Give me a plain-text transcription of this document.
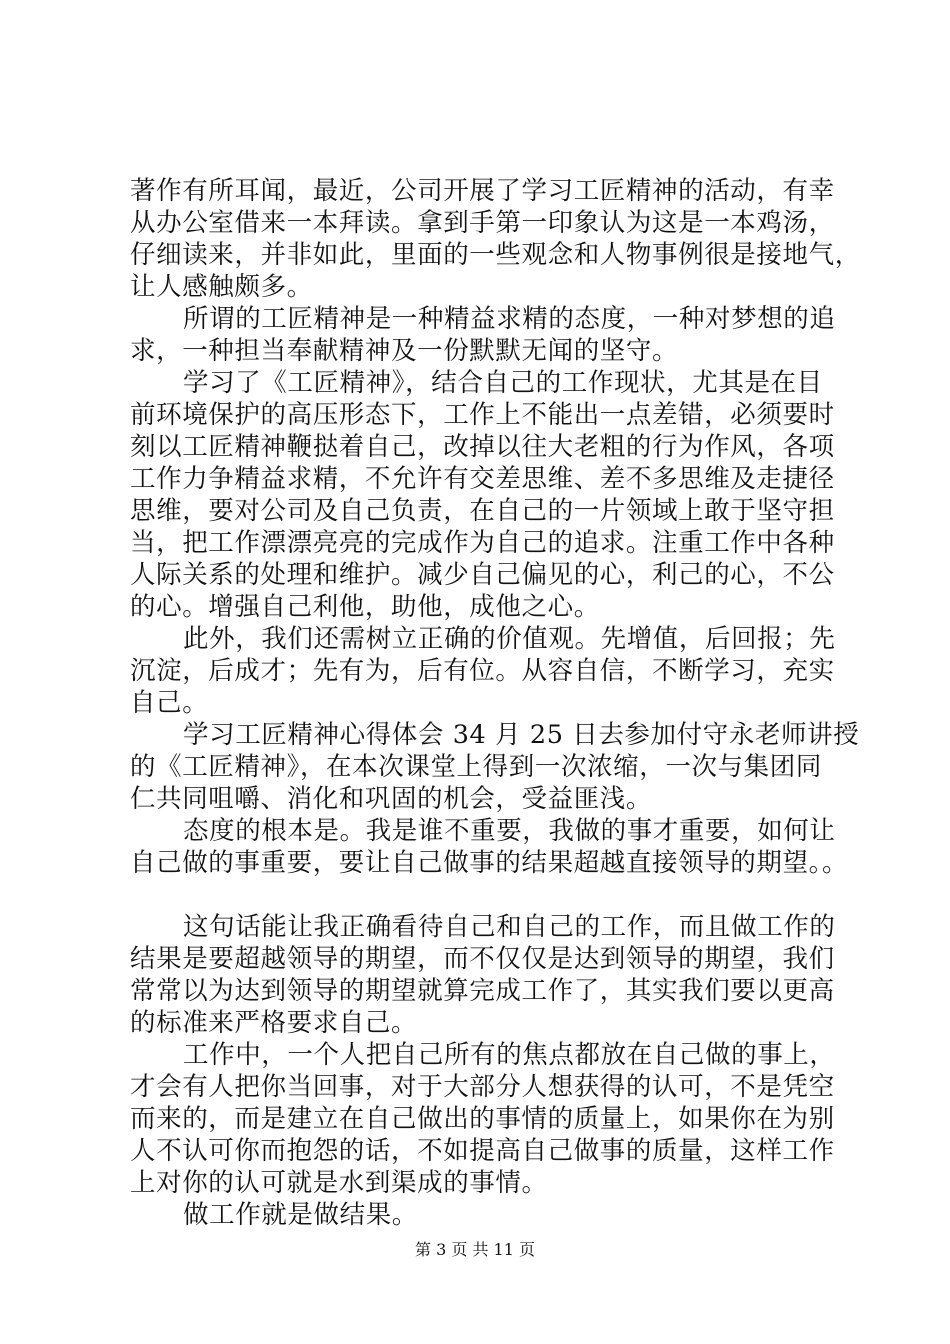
著作有所耳闻，最近，公司开展了学习工匠精神的活动，有幸
从办公室借来一本拜读。拿到手第一印象认为这是一本鸡汤，
仔细读来，并非如此，里面的一些观念和人物事例很是接地气，
让人感触颇多。
所谓的工匠精神是一种精益求精的态度，一种对梦想的追
求，一种担当奉献精神及一份默默无闻的坚守。
学习了《工匠精神》，结合自己的工作现状，尤其是在目
前环境保护的高压形态下，工作上不能出一点差错，必须要时
刻以工匠精神鞭挞着自己，改掉以往大老粗的行为作风，各项
工作力争精益求精，不允许有交差思维、差不多思维及走捷径
思维，要对公司及自己负责，在自己的一片领域上敢于坚守担
当，把工作漂漂亮亮的完成作为自己的追求。注重工作中各种
人际关系的处理和维护。减少自己偏见的心，利己的心，不公
的心。增强自己利他，助他，成他之心。
此外，我们还需树立正确的价值观。先增值，后回报；先
沉淀，后成才；先有为，后有位。从容自信，不断学习，充实
自己。
学习工匠精神心得体会 34 月 25 日去参加付守永老师讲授
的《工匠精神》，在本次课堂上得到一次浓缩，一次与集团同
仁共同咀嚼、消化和巩固的机会，受益匪浅。
态度的根本是。我是谁不重要，我做的事才重要，如何让
自己做的事重要，要让自己做事的结果超越直接领导的期望。。
这句话能让我正确看待自己和自己的工作，而且做工作的
结果是要超越领导的期望，而不仅仅是达到领导的期望，我们
常常以为达到领导的期望就算完成工作了，其实我们要以更高
的标准来严格要求自己。
工作中，一个人把自己所有的焦点都放在自己做的事上，
才会有人把你当回事，对于大部分人想获得的认可，不是凭空
而来的，而是建立在自己做出的事情的质量上，如果你在为别
人不认可你而抱怨的话，不如提高自己做事的质量，这样工作
上对你的认可就是水到渠成的事情。
做工作就是做结果。
第 3 页 共 11 页
